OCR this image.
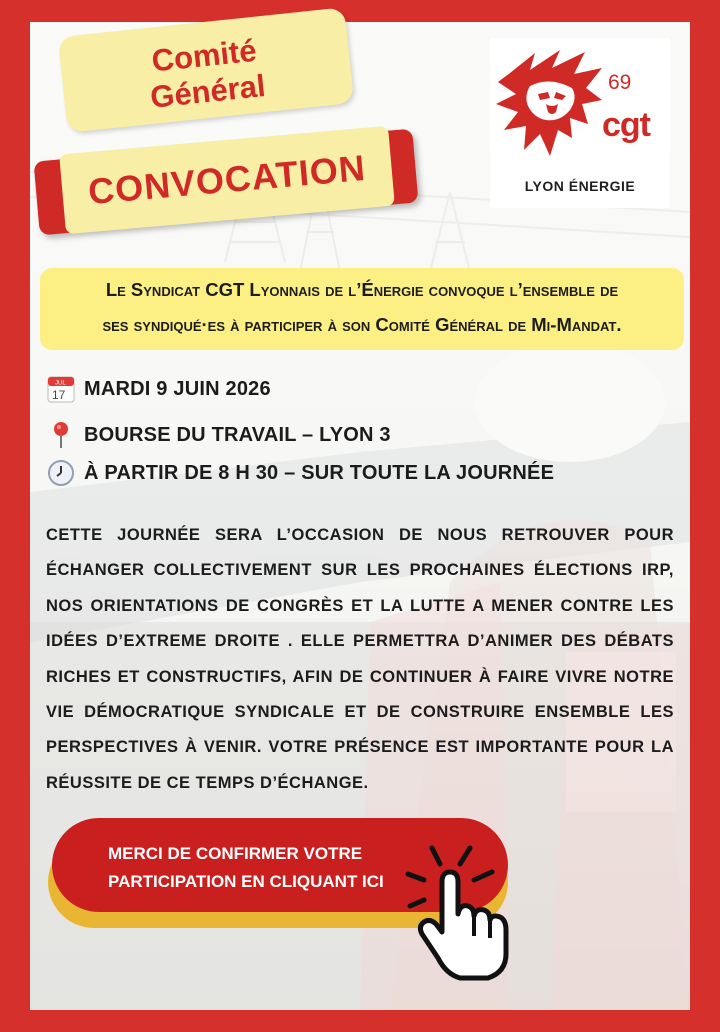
Comité
Général
CONVOCATION
69
cgt
LYON ÉNERGIE
Le Syndicat CGT Lyonnais de l’Énergie convoque l’ensemble de
ses syndiqué·es à participer à son Comité Général de Mi-Mandat.
JUL
17 MARDI 9 JUIN 2026
BOURSE DU TRAVAIL – LYON 3
À PARTIR DE 8 H 30 – SUR TOUTE LA JOURNÉE
CETTE JOURNÉE SERA L’OCCASION DE NOUS RETROUVER POUR ÉCHANGER COLLECTIVEMENT SUR LES PROCHAINES ÉLECTIONS IRP, NOS ORIENTATIONS DE CONGRÈS ET LA LUTTE A MENER CONTRE LES IDÉES D’EXTREME DROITE . ELLE PERMETTRA D’ANIMER DES DÉBATS RICHES ET CONSTRUCTIFS, AFIN DE CONTINUER À FAIRE VIVRE NOTRE VIE DÉMOCRATIQUE SYNDICALE ET DE CONSTRUIRE ENSEMBLE LES PERSPECTIVES À VENIR. VOTRE PRÉSENCE EST IMPORTANTE POUR LA RÉUSSITE DE CE TEMPS D’ÉCHANGE.
MERCI DE CONFIRMER VOTRE
PARTICIPATION EN CLIQUANT ICI
